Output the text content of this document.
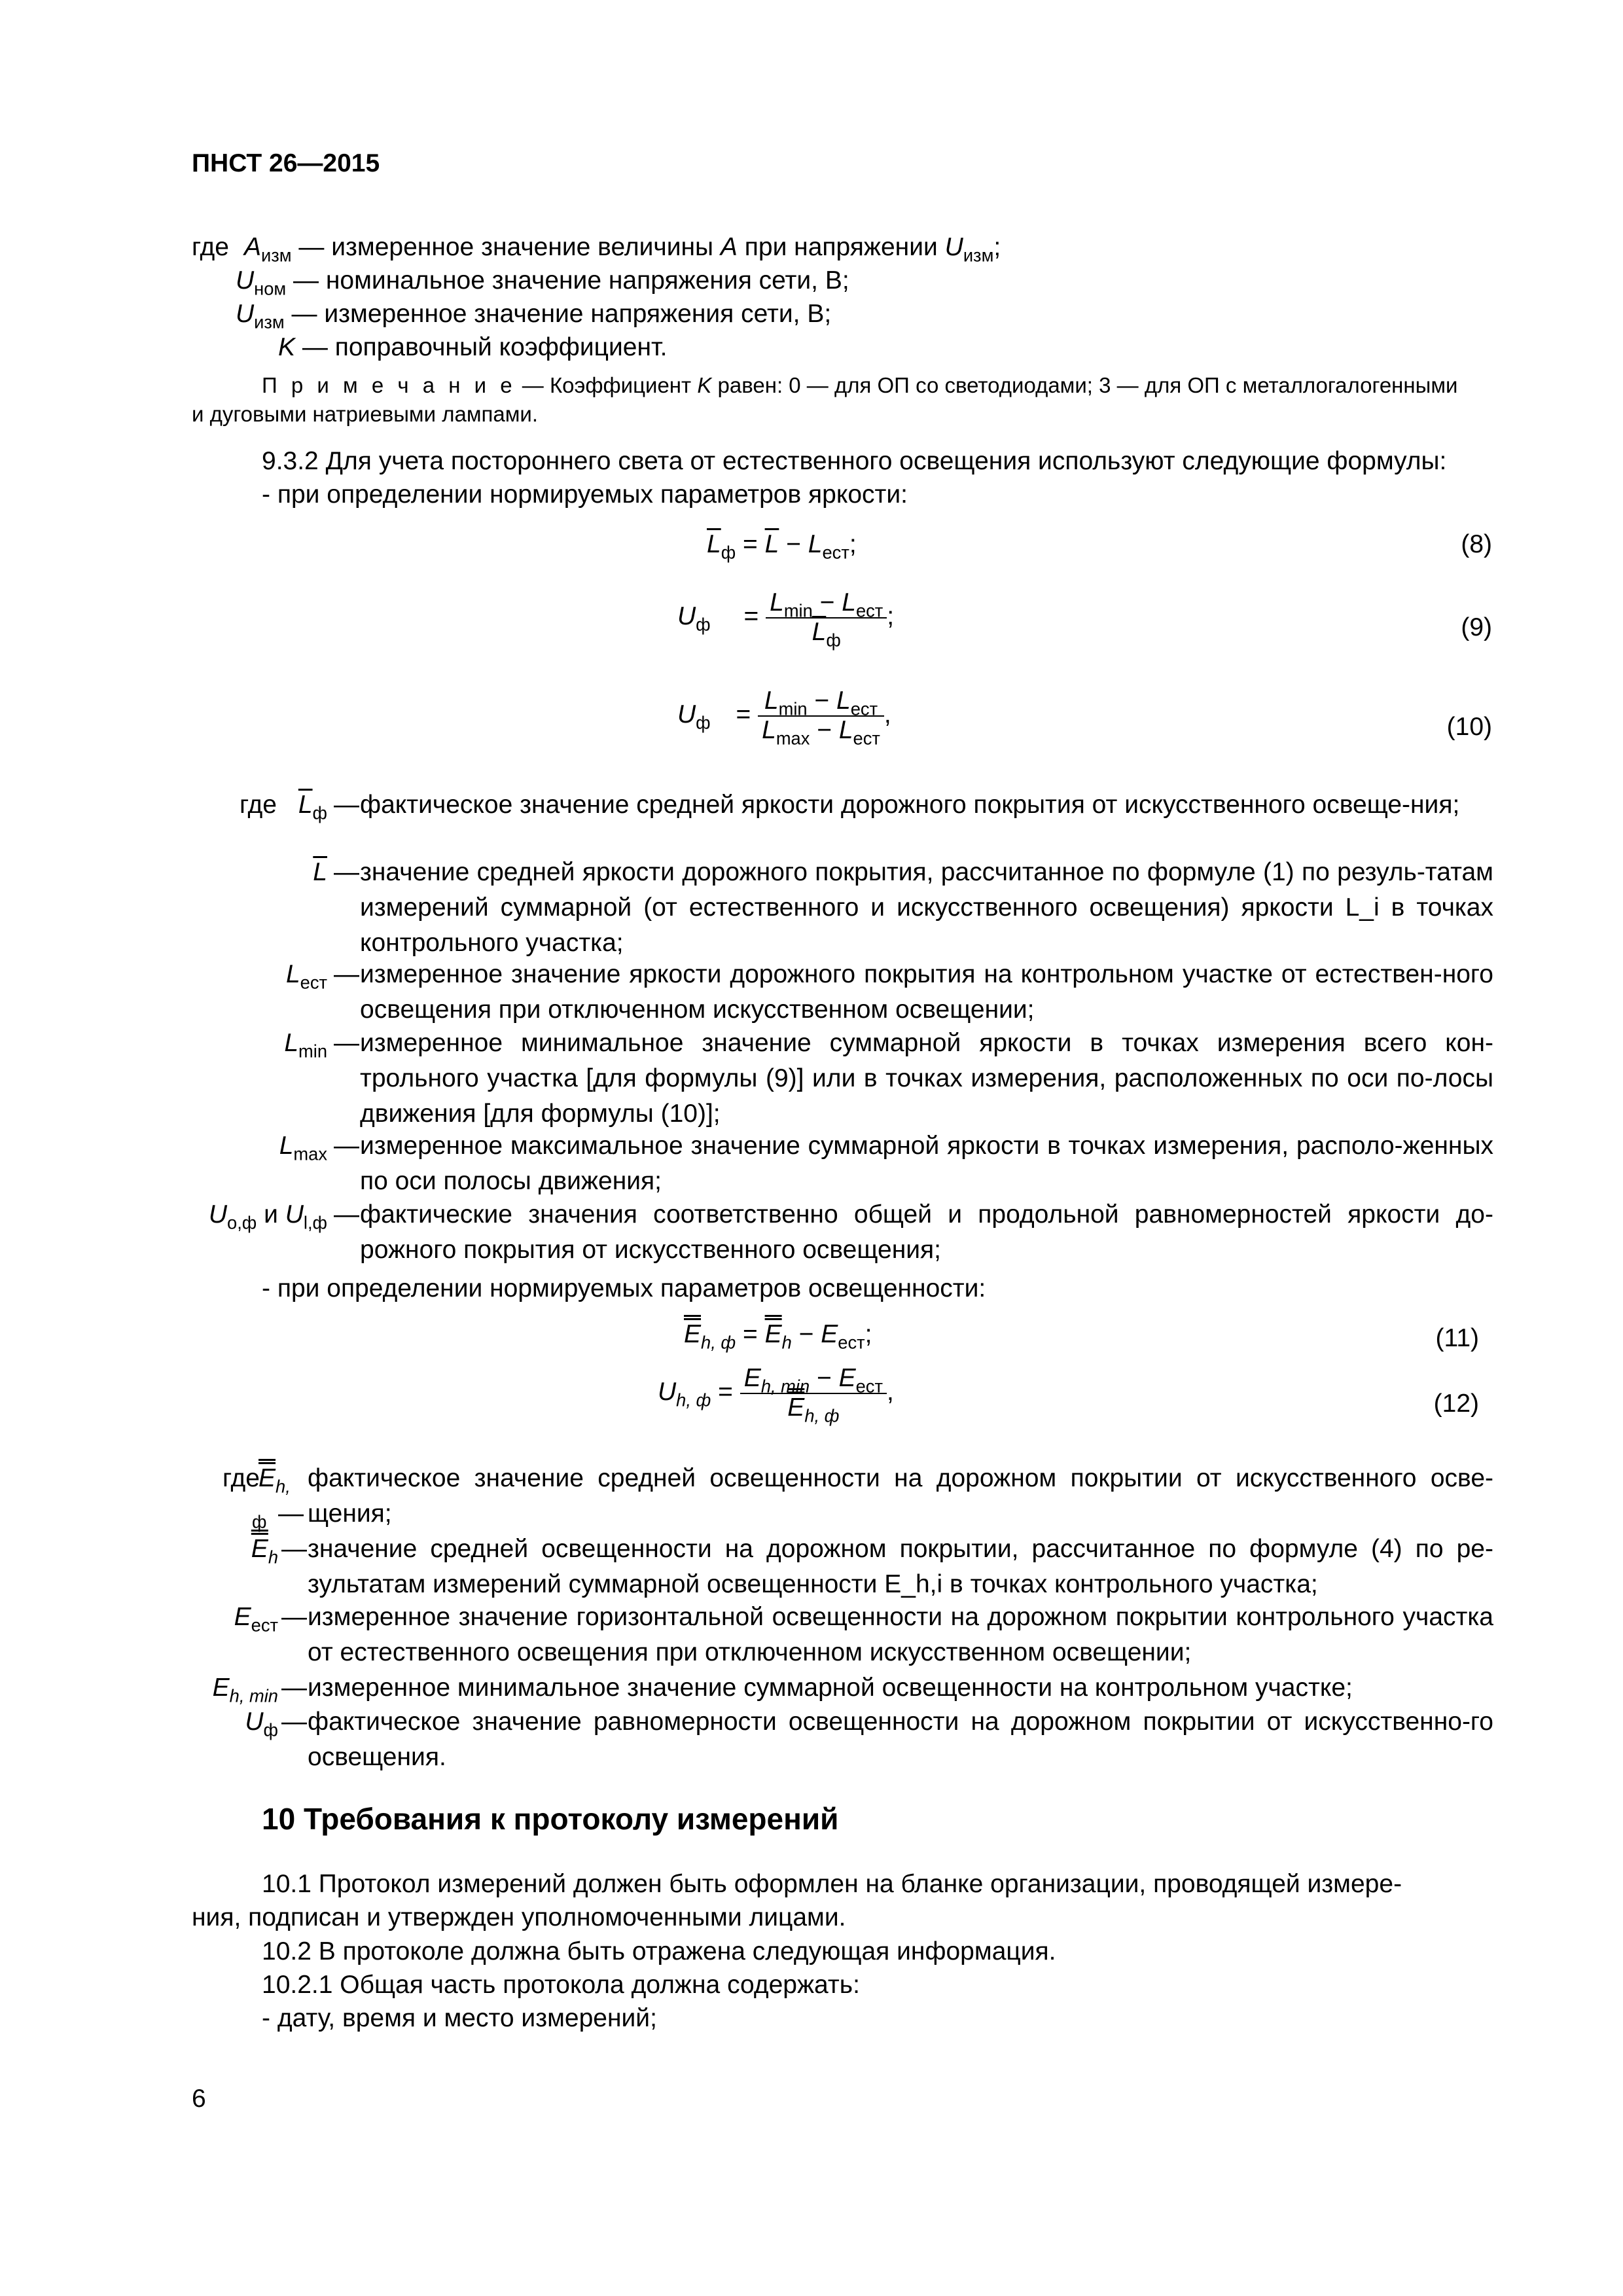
ПНСТ 26—2015
где $A_{изм}$ — измеренное значение величины A при напряжении $U_{изм}$;
$U_{ном}$ — номинальное значение напряжения сети, В;
$U_{изм}$ — измеренное значение напряжения сети, В;
K — поправочный коэффициент.
П р и м е ч а н и е — Коэффициент K равен: 0 — для ОП со светодиодами; 3 — для ОП с металлогалогенными
и дуговыми натриевыми лампами.
9.3.2 Для учета постороннего света от естественного освещения используют следующие формулы:
- при определении нормируемых параметров яркости:
$\overline{L}_ф = \overline{L} - L_{ест}$;	(8)
$U_ф = \frac{L_{min} - L_{ест}}{\overline{L}_ф}$ ;	(9)
$U_ф = \frac{L_{min} - L_{ест}}{L_{max} - L_{ест}}$ ,	(10)
где $\overline{L}_ф$ — фактическое значение средней яркости дорожного покрытия от искусственного освеще-ния;
$\overline{L}$ — значение средней яркости дорожного покрытия, рассчитанное по формуле (1) по резуль-татам измерений суммарной (от естественного и искусственного освещения) яркости L_i в точках контрольного участка;
$L_{ест}$ — измеренное значение яркости дорожного покрытия на контрольном участке от естествен-ного освещения при отключенном искусственном освещении;
$L_{min}$ — измеренное минимальное значение суммарной яркости в точках измерения всего кон-трольного участка [для формулы (9)] или в точках измерения, расположенных по оси по-лосы движения [для формулы (10)];
$L_{max}$ — измеренное максимальное значение суммарной яркости в точках измерения, располо-женных по оси полосы движения;
$U_{о,ф}$ и $U_{l,ф}$ — фактические значения соответственно общей и продольной равномерностей яркости до-рожного покрытия от искусственного освещения;
- при определении нормируемых параметров освещенности:
$E_{h, ф} = E_h - E_{ест}$;	(11)
$U_{h, ф} = \frac{E_{h, min} - E_{ест}}{E_{h, ф}}$ ,	(12)
где
$E_{h,}$
$_ф$ —
фактическое значение средней освещенности на дорожном покрытии от искусственного осве-щения;
$E_h$ — значение средней освещенности на дорожном покрытии, рассчитанное по формуле (4) по ре-зультатам измерений суммарной освещенности E_h,i в точках контрольного участка;
$E_{ест}$ — измеренное значение горизонтальной освещенности на дорожном покрытии контрольного участка от естественного освещения при отключенном искусственном освещении;
$E_{h, min}$ — измеренное минимальное значение суммарной освещенности на контрольном участке;
$U_ф$ — фактическое значение равномерности освещенности на дорожном покрытии от искусственно-го освещения.
10 Требования к протоколу измерений
10.1 Протокол измерений должен быть оформлен на бланке организации, проводящей измере-
ния, подписан и утвержден уполномоченными лицами.
10.2 В протоколе должна быть отражена следующая информация.
10.2.1 Общая часть протокола должна содержать:
- дату, время и место измерений;
6
